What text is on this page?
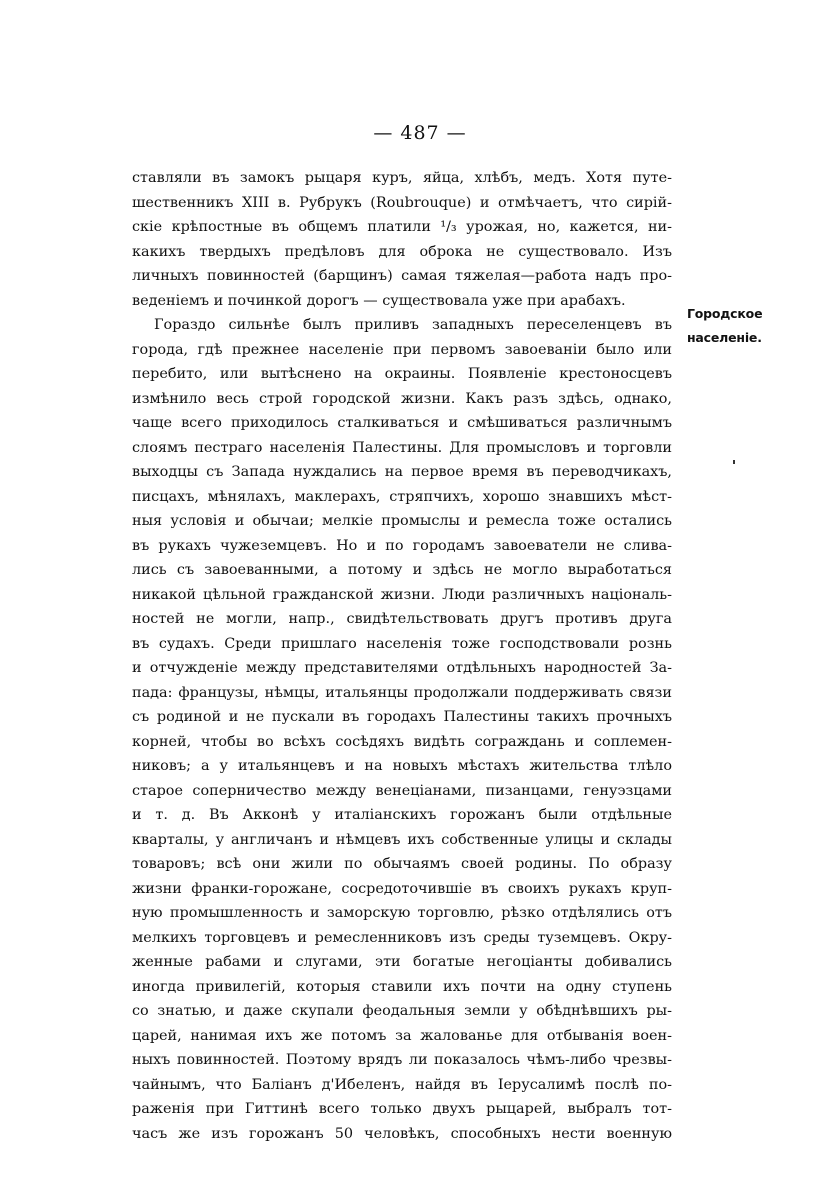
— 487 —
ставляли въ замокъ рыцаря куръ, яйца, хлѣбъ, медъ. Хотя путе-
шественникъ XIII в. Рубрукъ (Roubrouque) и отмѣчаетъ, что сирій-
скіе крѣпостные въ общемъ платили ¹/₃ урожая, но, кажется, ни-
какихъ твердыхъ предѣловъ для оброка не существовало. Изъ
личныхъ повинностей (барщинъ) самая тяжелая—работа надъ про-
веденіемъ и починкой дорогъ — существовала уже при арабахъ.
Гораздо сильнѣе былъ приливъ западныхъ переселенцевъ въ
города, гдѣ прежнее населеніе при первомъ завоеваніи было или
перебито, или вытѣснено на окраины. Появленіе крестоносцевъ
измѣнило весь строй городской жизни. Какъ разъ здѣсь, однако,
чаще всего приходилось сталкиваться и смѣшиваться различнымъ
слоямъ пестраго населенія Палестины. Для промысловъ и торговли
выходцы съ Запада нуждались на первое время въ переводчикахъ,
писцахъ, мѣнялахъ, маклерахъ, стряпчихъ, хорошо знавшихъ мѣст-
ныя условія и обычаи; мелкіе промыслы и ремесла тоже остались
въ рукахъ чужеземцевъ. Но и по городамъ завоеватели не слива-
лись съ завоеванными, а потому и здѣсь не могло выработаться
никакой цѣльной гражданской жизни. Люди различныхъ національ-
ностей не могли, напр., свидѣтельствовать другъ противъ друга
въ судахъ. Среди пришлаго населенія тоже господствовали рознь
и отчужденіе между представителями отдѣльныхъ народностей За-
пада: французы, нѣмцы, итальянцы продолжали поддерживать связи
съ родиной и не пускали въ городахъ Палестины такихъ прочныхъ
корней, чтобы во всѣхъ сосѣдяхъ видѣть сограждань и соплемен-
никовъ; а у итальянцевъ и на новыхъ мѣстахъ жительства тлѣло
старое соперничество между венеціанами, пизанцами, генуэзцами
и т. д. Въ Акконѣ у италіанскихъ горожанъ были отдѣльные
кварталы, у англичанъ и нѣмцевъ ихъ собственные улицы и склады
товаровъ; всѣ они жили по обычаямъ своей родины. По образу
жизни франки-горожане, сосредоточившіе въ своихъ рукахъ круп-
ную промышленность и заморскую торговлю, рѣзко отдѣлялись отъ
мелкихъ торговцевъ и ремесленниковъ изъ среды туземцевъ. Окру-
женные рабами и слугами, эти богатые негоціанты добивались
иногда привилегій, которыя ставили ихъ почти на одну ступень
со знатью, и даже скупали феодальныя земли у обѣднѣвшихъ ры-
царей, нанимая ихъ же потомъ за жалованье для отбыванія воен-
ныхъ повинностей. Поэтому врядъ ли показалось чѣмъ-либо чрезвы-
чайнымъ, что Баліанъ д'Ибеленъ, найдя въ Іерусалимѣ послѣ по-
раженія при Гиттинѣ всего только двухъ рыцарей, выбралъ тот-
часъ же изъ горожанъ 50 человѣкъ, способныхъ нести военную
Городское
населеніе.
